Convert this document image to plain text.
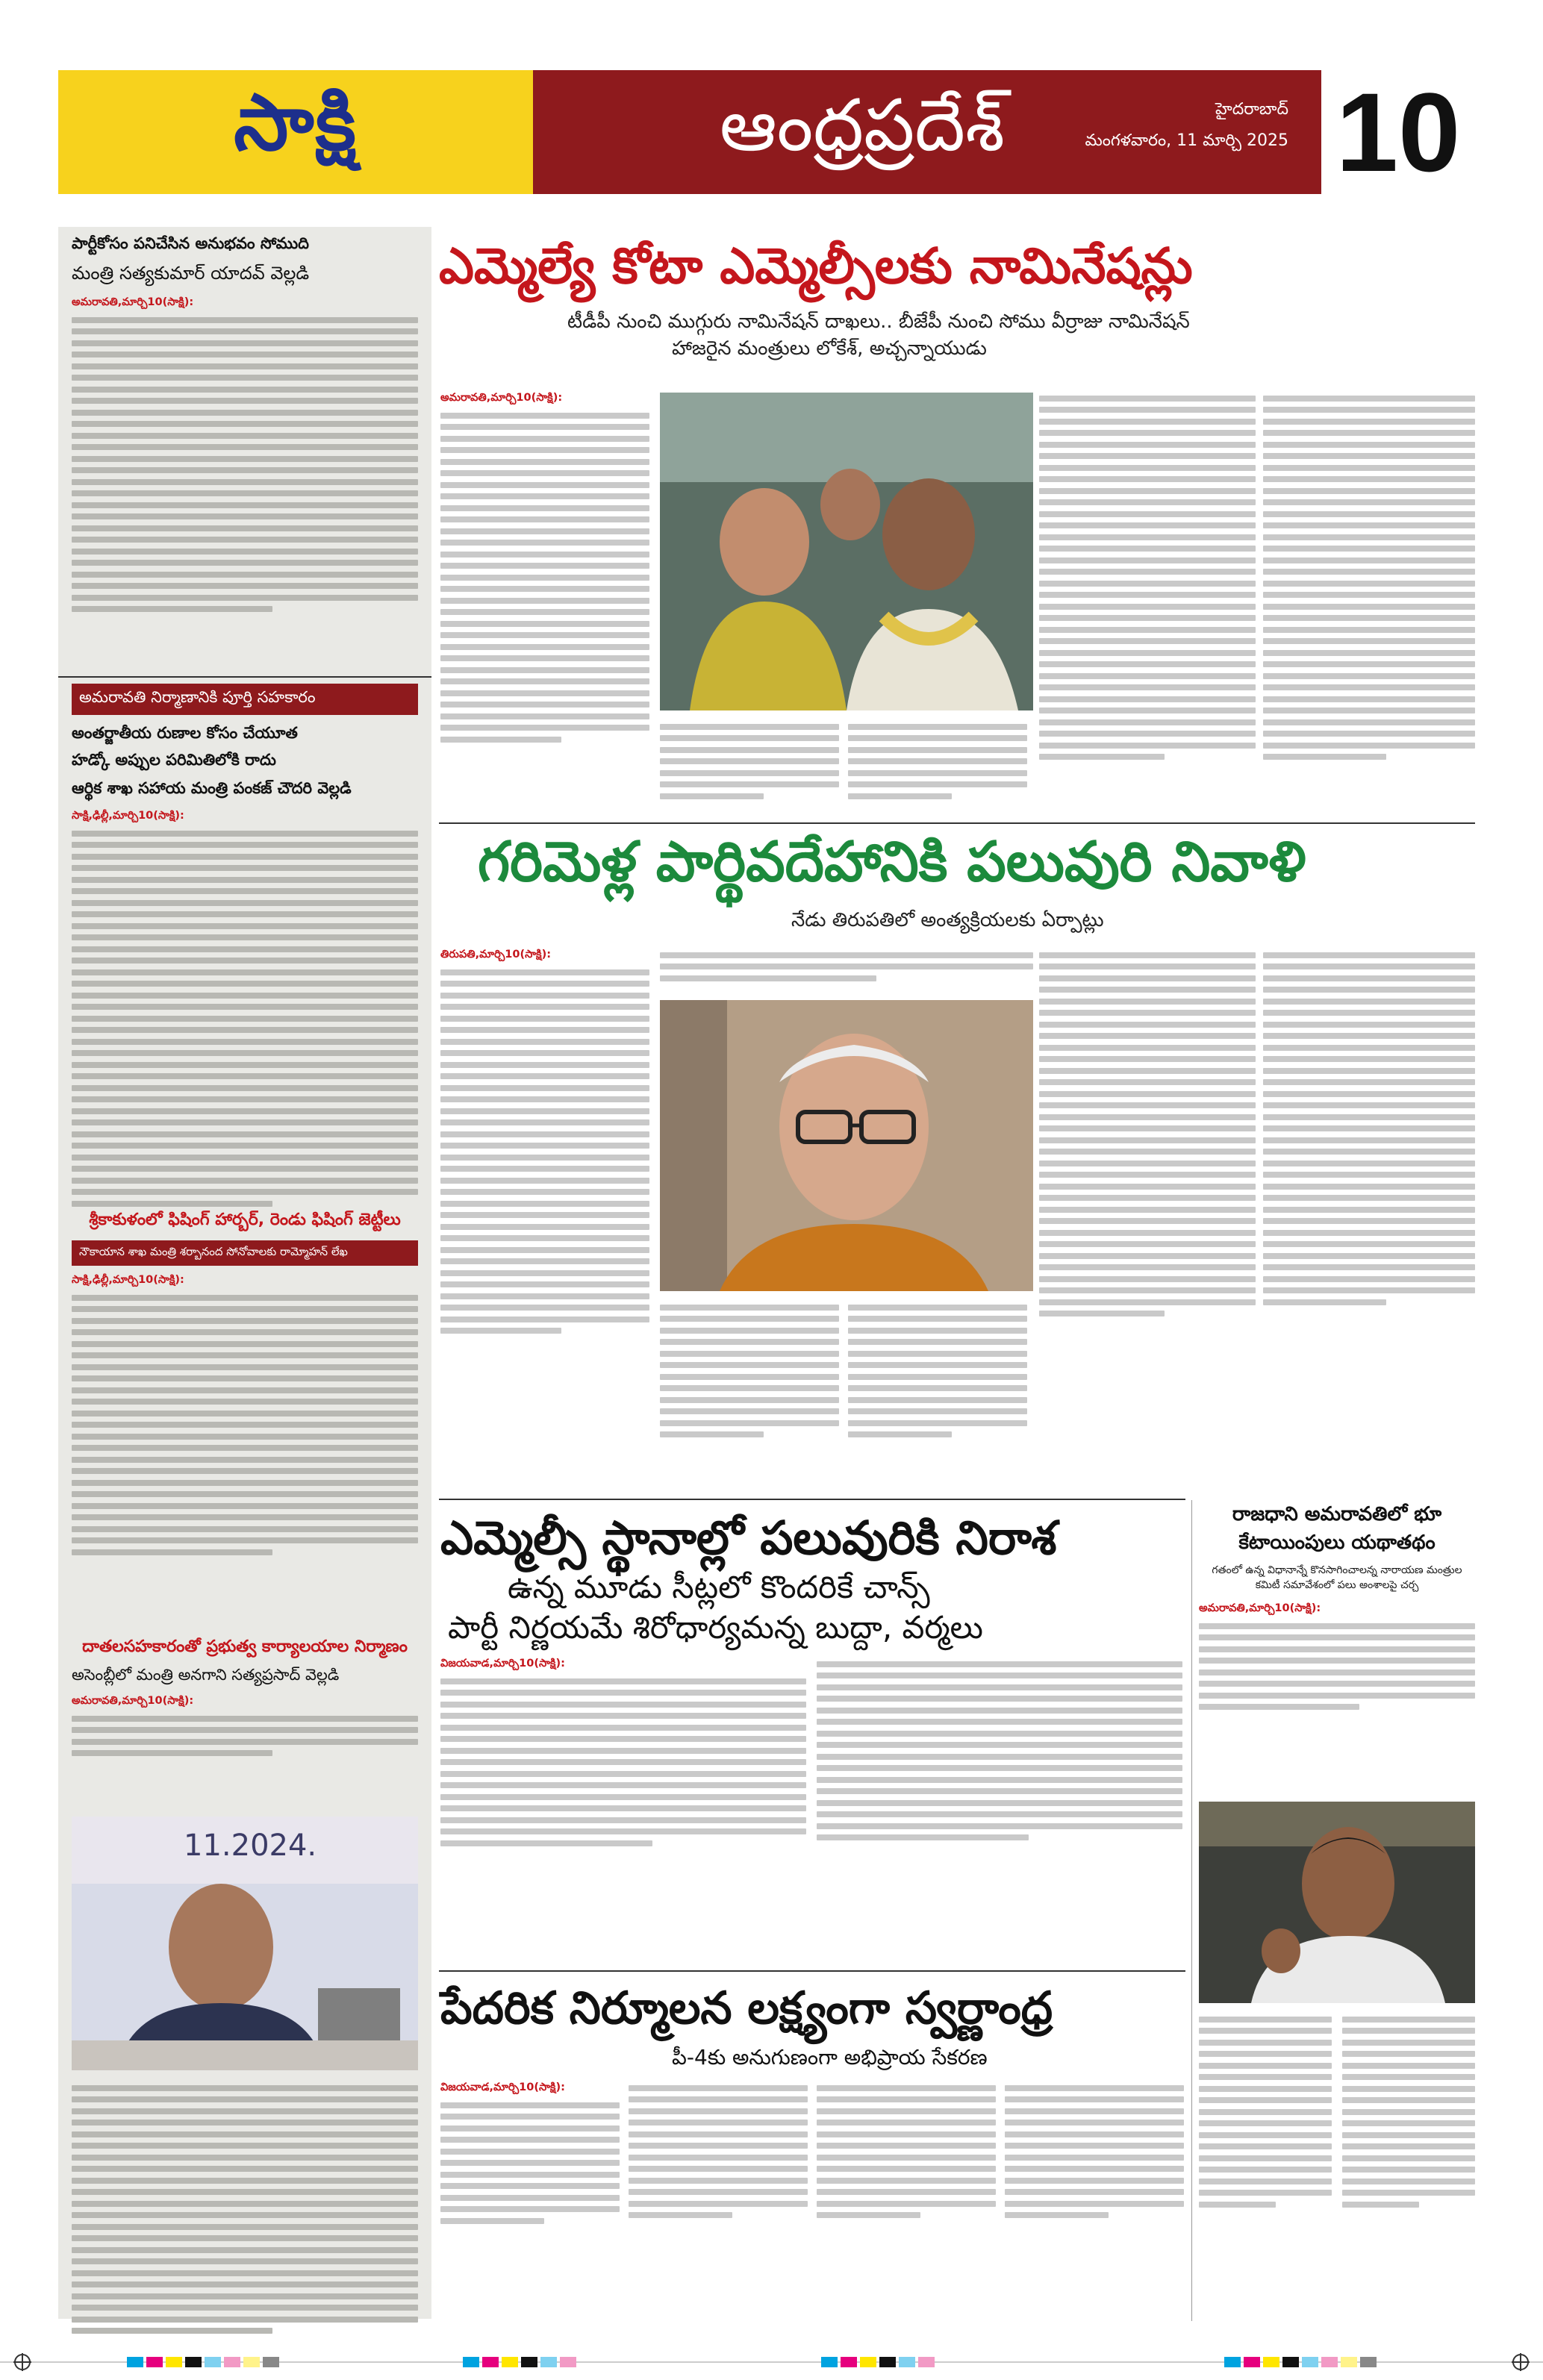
సాక్షి	ఆంధ్రప్రదేశ్	హైదరాబాద్
మంగళవారం, 11 మార్చి 2025 10
పార్టీకోసం పనిచేసిన అనుభవం సోముది
మంత్రి సత్యకుమార్ యాదవ్ వెల్లడి
అమరావతి,మార్చి10(సాక్షి):
అమరావతి నిర్మాణానికి పూర్తి సహకారం
అంతర్జాతీయ రుణాల కోసం చేయూత
హడ్కో అప్పుల పరిమితిలోకి రాదు
ఆర్థిక శాఖ సహాయ మంత్రి పంకజ్ చౌదరి వెల్లడి
సాక్షి,ఢిల్లీ,మార్చి10(సాక్షి):
శ్రీకాకుళంలో ఫిషింగ్ హార్బర్, రెండు ఫిషింగ్ జెట్టీలు
నౌకాయాన శాఖ మంత్రి శర్బానంద సోనోవాలకు రామ్మోహన్ లేఖ
సాక్షి,ఢిల్లీ,మార్చి10(సాక్షి):
దాతలసహకారంతో ప్రభుత్వ కార్యాలయాల నిర్మాణం
అసెంబ్లీలో మంత్రి అనగాని సత్యప్రసాద్ వెల్లడి
అమరావతి,మార్చి10(సాక్షి):
11.2024.
ఎమ్మెల్యే కోటా ఎమ్మెల్సీలకు నామినేషన్లు
టీడీపీ నుంచి ముగ్గురు నామినేషన్ దాఖలు.. బీజేపీ నుంచి సోము వీర్రాజు నామినేషన్
హాజరైన మంత్రులు లోకేశ్, అచ్చన్నాయుడు
అమరావతి,మార్చి10(సాక్షి):
గరిమెళ్ల పార్థివదేహానికి పలువురి నివాళి
నేడు తిరుపతిలో అంత్యక్రియలకు ఏర్పాట్లు
తిరుపతి,మార్చి10(సాక్షి):
ఎమ్మెల్సీ స్థానాల్లో పలువురికి నిరాశ
ఉన్న మూడు సీట్లలో కొందరికే చాన్స్
పార్టీ నిర్ణయమే శిరోధార్యమన్న బుద్దా, వర్మలు
విజయవాడ,మార్చి10(సాక్షి):
రాజధాని అమరావతిలో భూ కేటాయింపులు యథాతథం
గతంలో ఉన్న విధానాన్నే కొనసాగించాలన్న నారాయణ మంత్రుల కమిటీ సమావేశంలో పలు అంశాలపై చర్చ
అమరావతి,మార్చి10(సాక్షి):
పేదరిక నిర్మూలన లక్ష్యంగా స్వర్ణాంధ్ర
పీ-4కు అనుగుణంగా అభిప్రాయ సేకరణ
విజయవాడ,మార్చి10(సాక్షి):
